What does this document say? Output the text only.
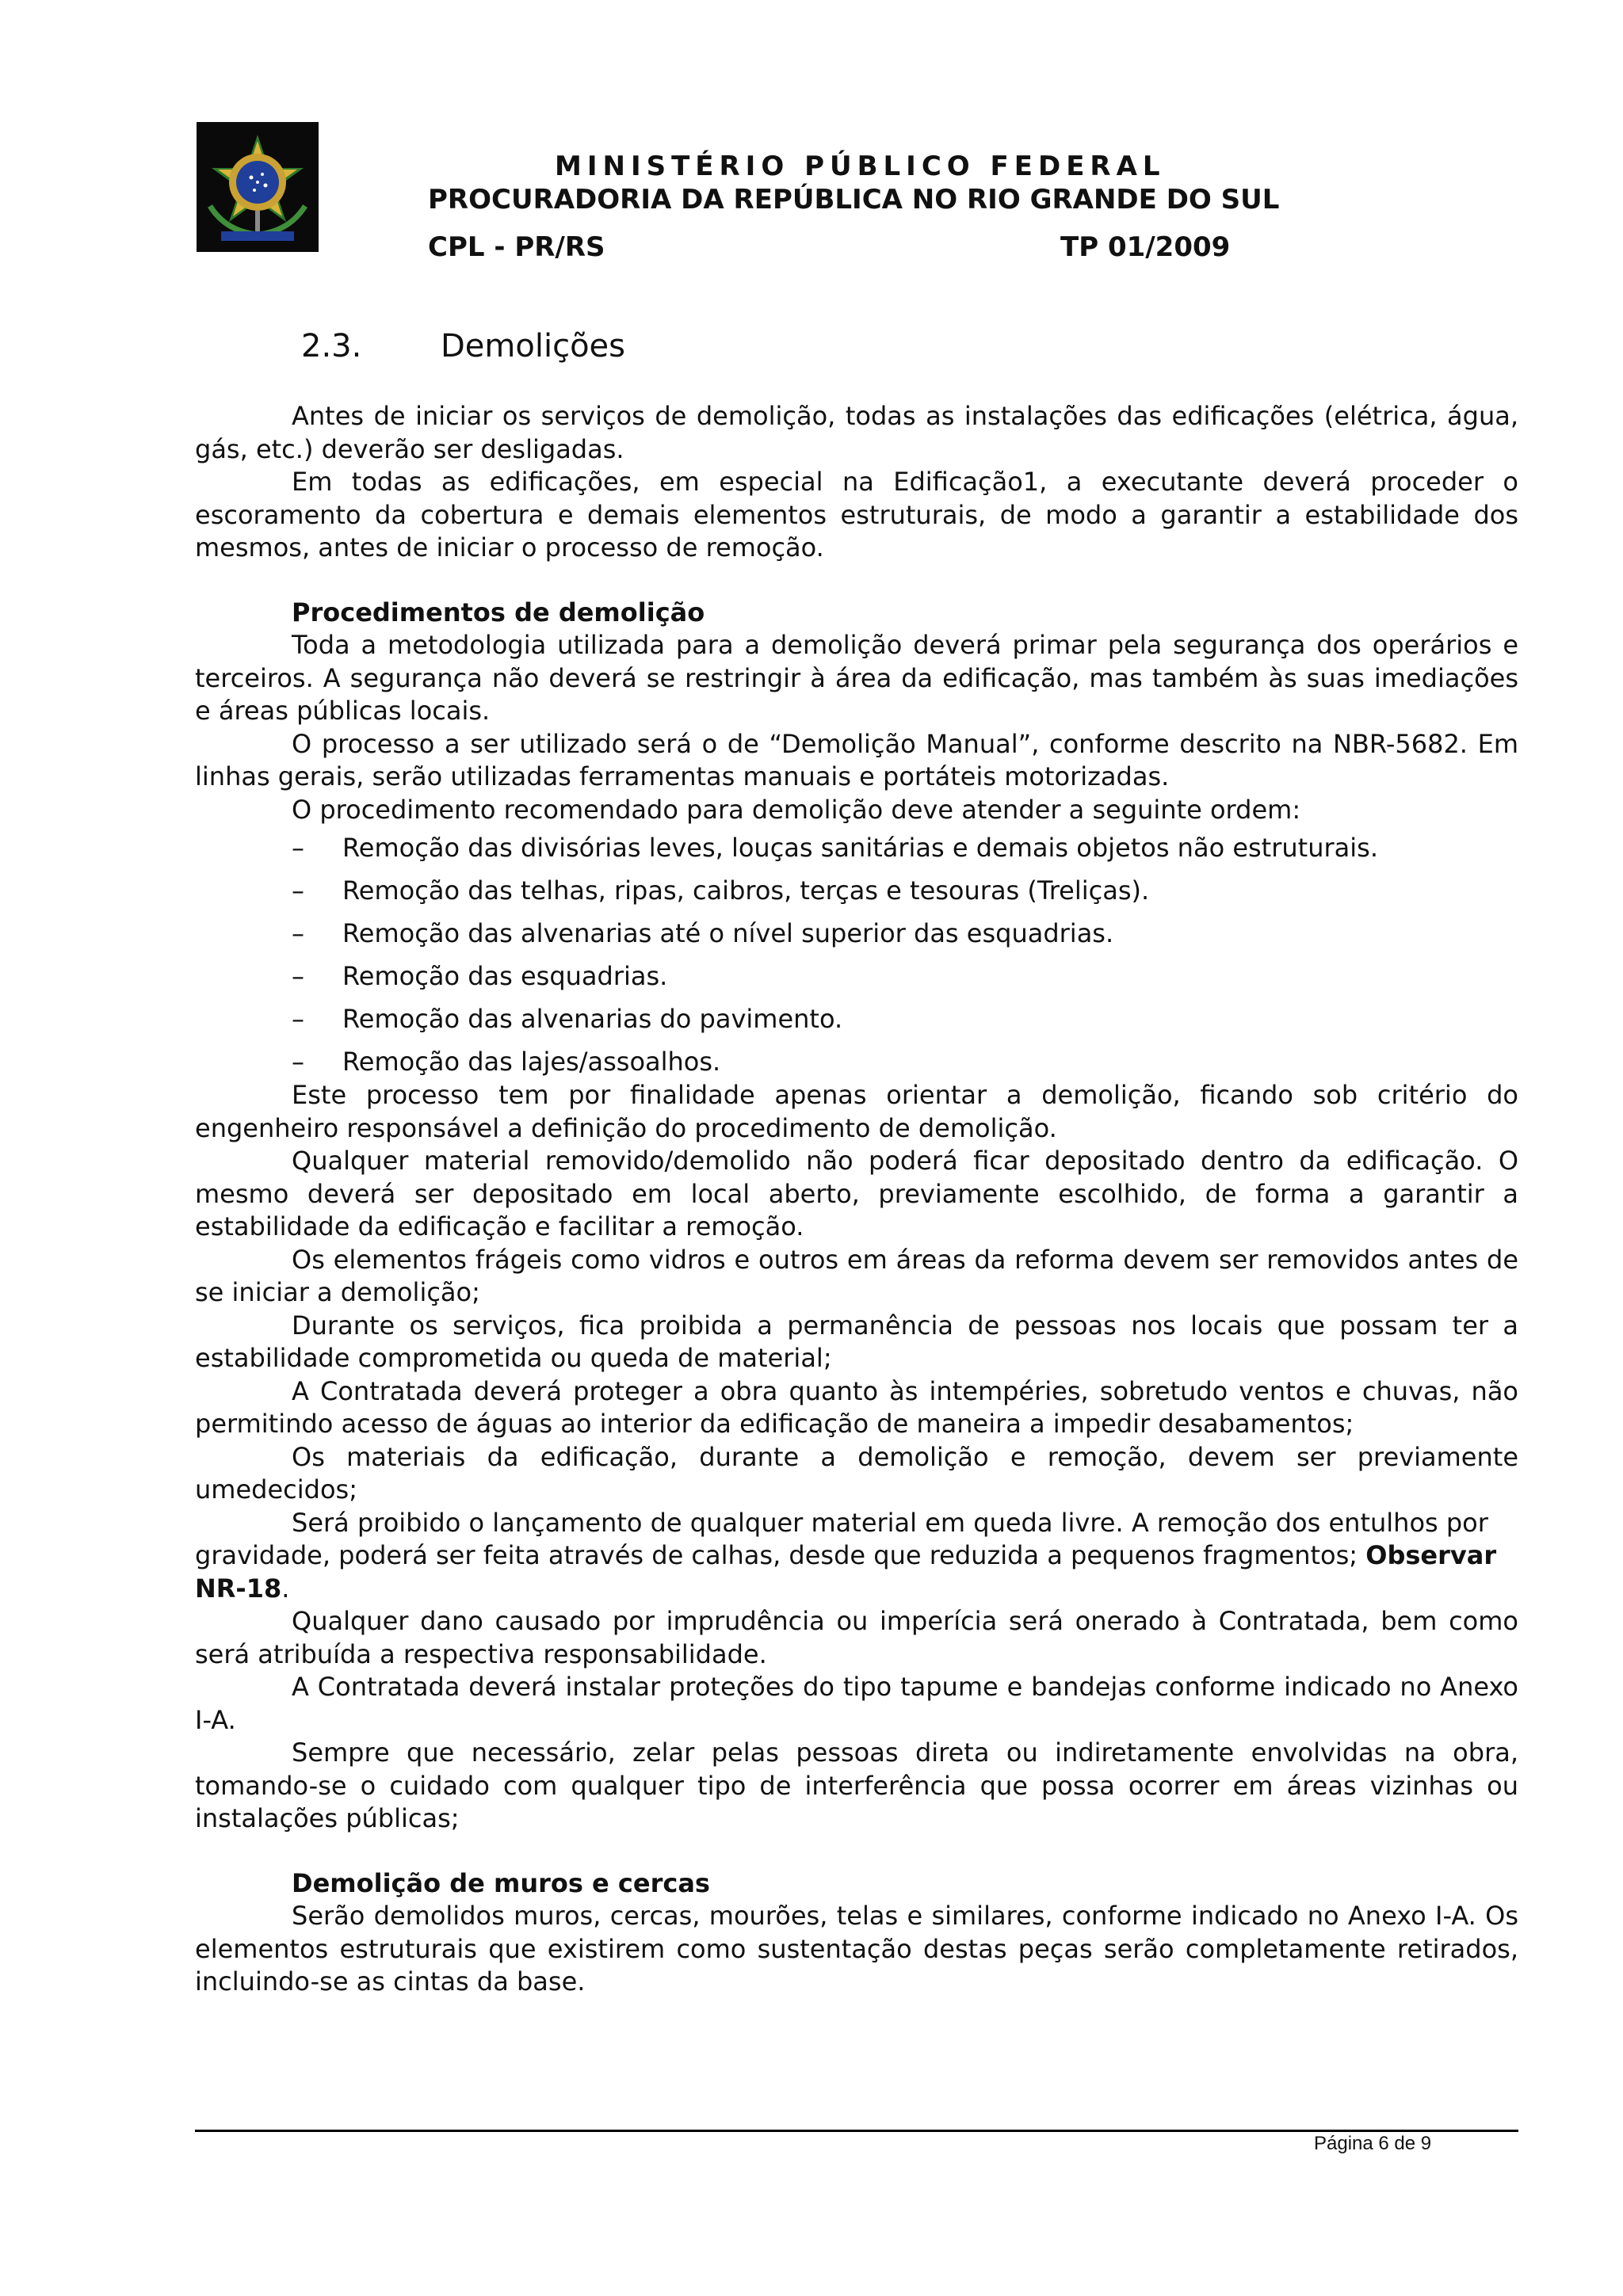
MINISTÉRIO PÚBLICO FEDERAL
PROCURADORIA DA REPÚBLICA NO RIO GRANDE DO SUL
CPL - PR/RS	TP 01/2009
2.3. Demolições

Antes de iniciar os serviços de demolição, todas as instalações das edificações (elétrica, água, gás, etc.) deverão ser desligadas.

Em todas as edificações, em especial na Edificação1, a executante deverá proceder o escoramento da cobertura e demais elementos estruturais, de modo a garantir a estabilidade dos mesmos, antes de iniciar o processo de remoção.

Procedimentos de demolição

Toda a metodologia utilizada para a demolição deverá primar pela segurança dos operários e terceiros. A segurança não deverá se restringir à área da edificação, mas também às suas imediações e áreas públicas locais.

O processo a ser utilizado será o de “Demolição Manual”, conforme descrito na NBR-5682. Em linhas gerais, serão utilizadas ferramentas manuais e portáteis motorizadas.

O procedimento recomendado para demolição deve atender a seguinte ordem:

– Remoção das divisórias leves, louças sanitárias e demais objetos não estruturais.
– Remoção das telhas, ripas, caibros, terças e tesouras (Treliças).
– Remoção das alvenarias até o nível superior das esquadrias.
– Remoção das esquadrias.
– Remoção das alvenarias do pavimento.
– Remoção das lajes/assoalhos.

Este processo tem por finalidade apenas orientar a demolição, ficando sob critério do engenheiro responsável a definição do procedimento de demolição.

Qualquer material removido/demolido não poderá ficar depositado dentro da edificação. O mesmo deverá ser depositado em local aberto, previamente escolhido, de forma a garantir a estabilidade da edificação e facilitar a remoção.

Os elementos frágeis como vidros e outros em áreas da reforma devem ser removidos antes de se iniciar a demolição;

Durante os serviços, fica proibida a permanência de pessoas nos locais que possam ter a estabilidade comprometida ou queda de material;

A Contratada deverá proteger a obra quanto às intempéries, sobretudo ventos e chuvas, não permitindo acesso de águas ao interior da edificação de maneira a impedir desabamentos;

Os materiais da edificação, durante a demolição e remoção, devem ser previamente umedecidos;

Será proibido o lançamento de qualquer material em queda livre. A remoção dos entulhos por gravidade, poderá ser feita através de calhas, desde que reduzida a pequenos fragmentos; Observar NR-18.

Qualquer dano causado por imprudência ou imperícia será onerado à Contratada, bem como será atribuída a respectiva responsabilidade.

A Contratada deverá instalar proteções do tipo tapume e bandejas conforme indicado no Anexo I-A.

Sempre que necessário, zelar pelas pessoas direta ou indiretamente envolvidas na obra, tomando-se o cuidado com qualquer tipo de interferência que possa ocorrer em áreas vizinhas ou instalações públicas;

Demolição de muros e cercas

Serão demolidos muros, cercas, mourões, telas e similares, conforme indicado no Anexo I-A. Os elementos estruturais que existirem como sustentação destas peças serão completamente retirados, incluindo-se as cintas da base.

Página 6 de 9
